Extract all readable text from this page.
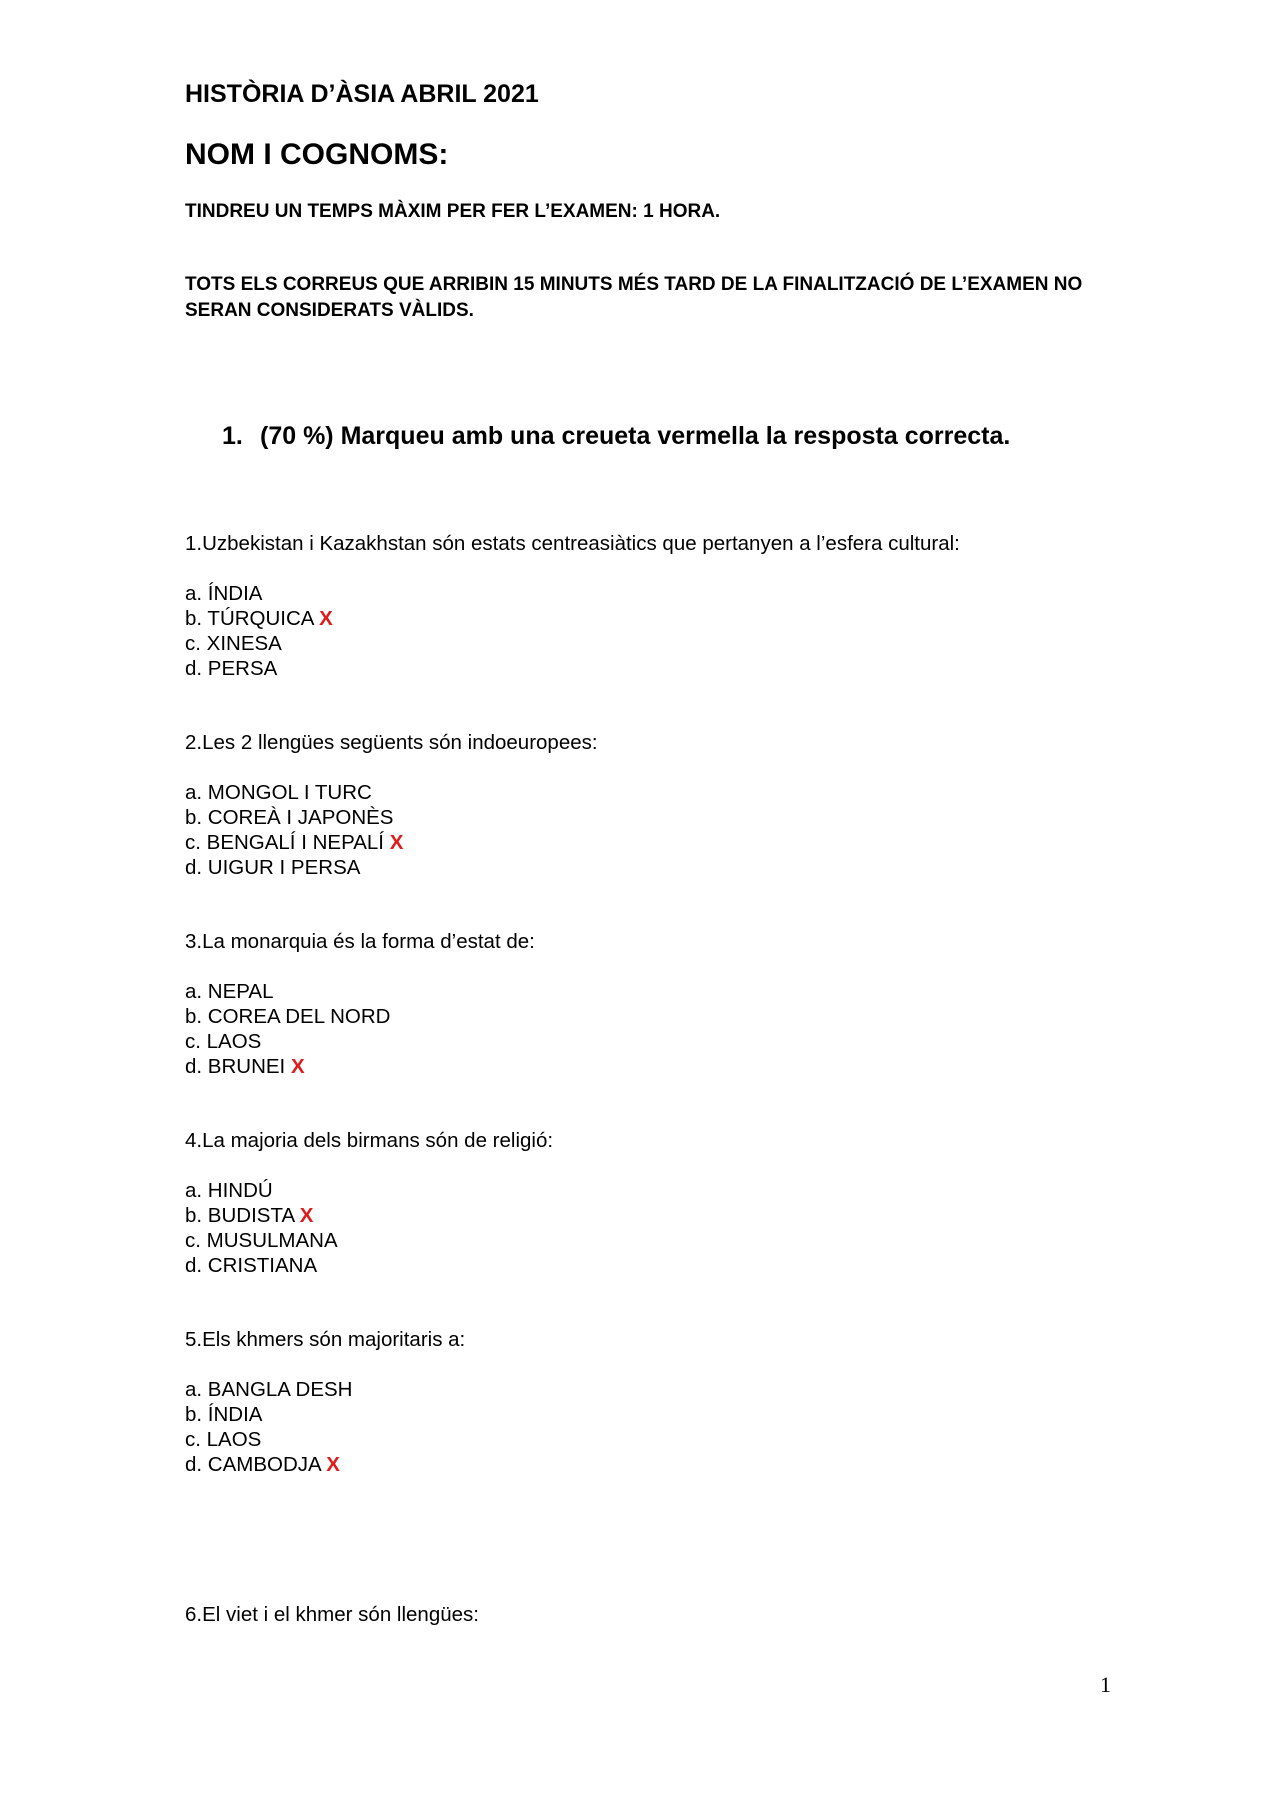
HISTÒRIA D’ÀSIA ABRIL 2021
NOM I COGNOMS:
TINDREU UN TEMPS MÀXIM PER FER L’EXAMEN: 1 HORA.
TOTS ELS CORREUS QUE ARRIBIN 15 MINUTS MÉS TARD DE LA FINALITZACIÓ DE L’EXAMEN NO SERAN CONSIDERATS VÀLIDS.
1. (70 %) Marqueu amb una creueta vermella la resposta correcta.

1.Uzbekistan i Kazakhstan són estats centreasiàtics que pertanyen a l’esfera cultural:

a. ÍNDIA
b. TÚRQUICA X
c. XINESA
d. PERSA

2.Les 2 llengües següents són indoeuropees:

a. MONGOL I TURC
b. COREÀ I JAPONÈS
c. BENGALÍ I NEPALÍ X
d. UIGUR I PERSA

3.La monarquia és la forma d’estat de:

a. NEPAL
b. COREA DEL NORD
c. LAOS
d. BRUNEI X

4.La majoria dels birmans són de religió:

a. HINDÚ
b. BUDISTA X
c. MUSULMANA
d. CRISTIANA

5.Els khmers són majoritaris a:

a. BANGLA DESH
b. ÍNDIA
c. LAOS
d. CAMBODJA X

6.El viet i el khmer són llengües:

1
